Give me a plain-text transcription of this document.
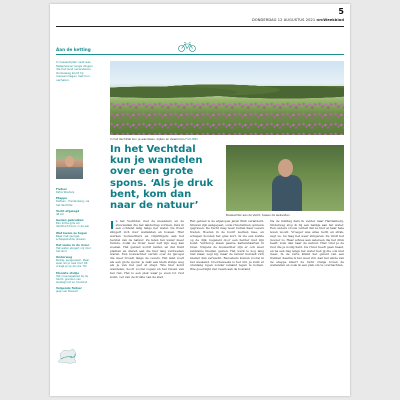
5
DONDERDAG 12 AUGUSTUS 2021 nrcWeekblad
Aan de ketting

In tussentijden reist een fietsplanner langs dingen die het land veranderen. Onderweg komt hij mensen tegen met hun verhalen.

Fietser
Petra Wouters
Etappe
Dalfsen - Hardenberg, via het Vechtdal
Tocht afgelegd
48 km
Gezien gebruiken
Een lichte gids om Vechtlucht door in de wei
Wat kwam ze tegen
Beek met ijsvogel, schaapskudde, stuwen
Het leuke in de rivier
Het water slingert vrij door het land
Onderweg
Rustig, aangenaam. Maar waar wil je naar toe? Dit vraagt je op de reis. Tot
Mooiste stukje
Het moerasgebied bij de Vecht, grenzen van weidegrond en hooiland
Volgende fietser
Jaap van Rossum
In het Vechtdal kun je wandelen, kijken en zwemmen Foto NRC
In het Vechtdal kun je wandelen over een grote spons. ‘Als je druk bent, kom dan naar de natuur’
Boswachter aan de Vecht, tussen de weilanden
I n het Vechtdal, met de meanders en de stuwwallen die het landschap vormen, fiets ik een ochtend lang langs het water. De rivier slingert zich door weilanden en bossen. Hier werken boswachters en vrijwilligers aan het herstel van de natuur. Ze laten het water meer ruimte, zodat de rivier weer zelf zijn weg kan zoeken. Het gebied wordt natter, en dat trekt planten en dieren aan die hier lang verdwenen waren. Een boswachter vertelt over de ijsvogel die weer broedt langs de oevers. Het land voelt als een grote spons: je zakt een klein stukje weg als je van het pad af stapt. Wie hier komt wandelen, hoort vooral vogels en het ruisen van het riet. Het is een plek waar je even tot rust komt, ver van de drukte van de stad.

Het gebied is de afgelopen jaren flink veranderd. Stuwen zijn aangepast, oude rivierarmen opnieuw gegraven. De Vecht mag weer buiten haar oevers treden. Boeren in de buurt werken mee, en schapen houden het gras kort. Ik zie een kudde op de dijk, begeleid door een herder met zijn hond. Verderop staan paarse kattenstaarten in bloei. Volgens de boswachter zijn er ook weer zeldzame libellen gezien. Het werk is nog lang niet klaar, zegt hij, maar de natuur herstelt zich sneller dan verwacht. Bezoekers komen vooral in het weekend. Doordeweeks is het stil. Je kunt er urenlang lopen zonder iemand tegen te komen. Wie goed kijkt ziet reeën aan de bosrand.

Na de middag fiets ik verder naar Hardenberg. Onderweg stop ik bij een bankje aan het water. Een oudere vrouw vertelt dat ze hier al haar hele leven woont. Vroeger was alles recht en strak, zegt ze, nu mag het weer slingeren. Ze vindt het mooier zo. Haar advies aan iedereen die het druk heeft: kom dan naar de natuur. Hier vind je de rust die je nodig hebt. De rivier heeft geen haast, en na een dag langs het water heb jij die ook niet meer. In de verte klinkt het geluid van een trekker, daarna is het weer stil. Aan het einde van de etappe kleurt de lucht oranje boven de weilanden en zoek ik een plek om te overnachten.
